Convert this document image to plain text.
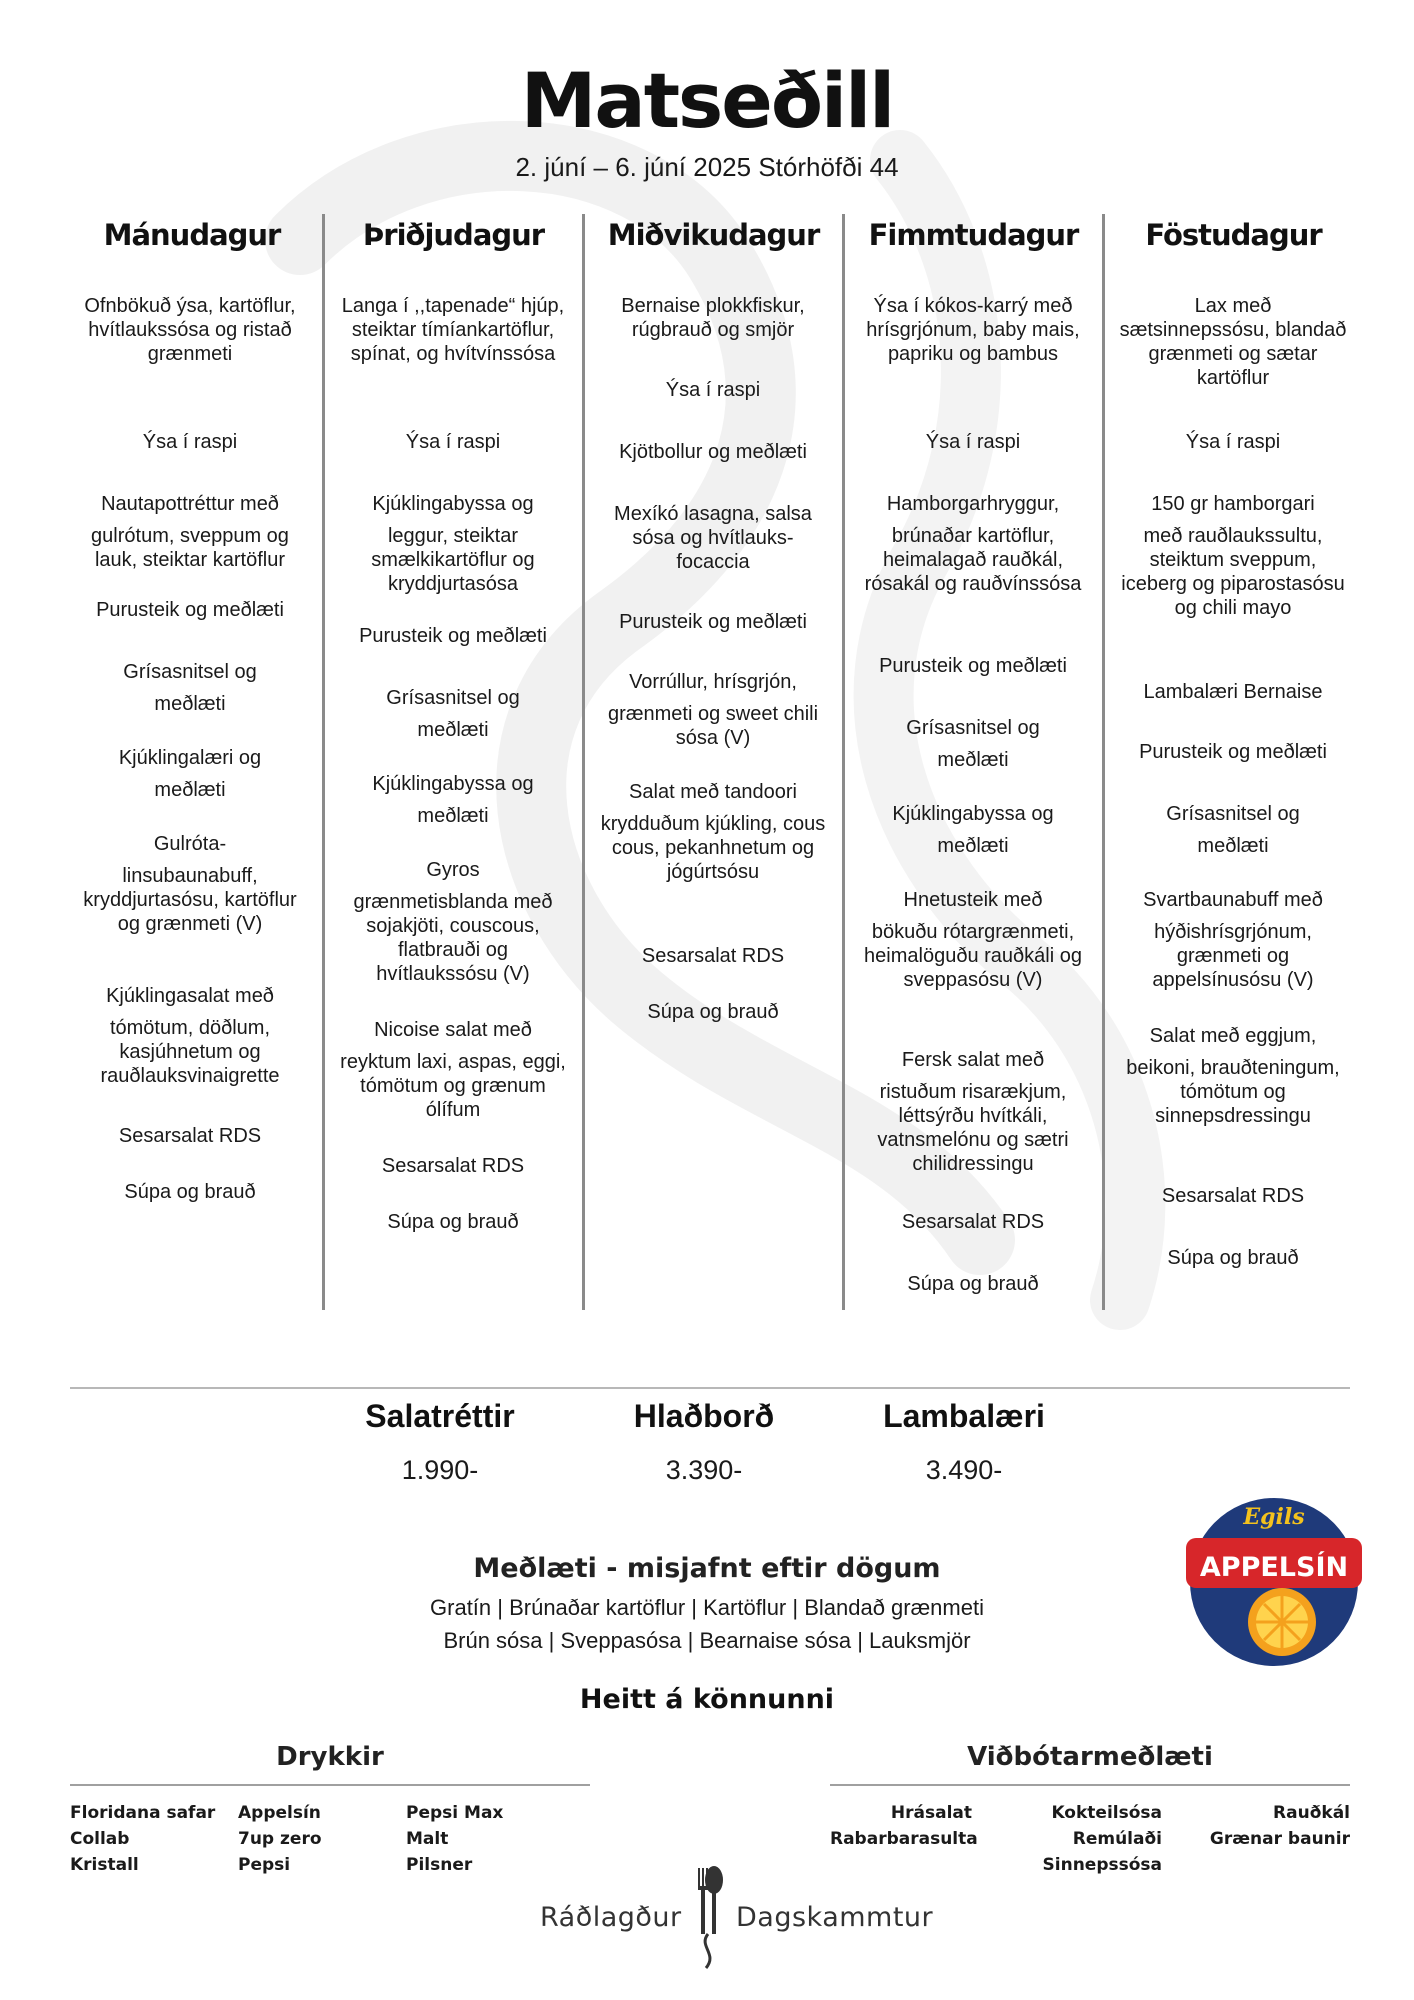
Matseðill
2. júní – 6. júní 2025 Stórhöfði 44
Mánudagur
Ofnbökuð ýsa, kartöflur, hvítlaukssósa og ristað grænmeti
Ýsa í raspi
Nautapottréttur með
gulrótum, sveppum og lauk, steiktar kartöflur
Purusteik og meðlæti
Grísasnitsel og
meðlæti
Kjúklingalæri og
meðlæti
Gulróta-
linsubaunabuff, kryddjurtasósu, kartöflur og grænmeti (V)
Kjúklingasalat með
tómötum, döðlum, kasjúhnetum og rauðlauksvinaigrette
Sesarsalat RDS
Súpa og brauð
Þriðjudagur
Langa í ,,tapenade“ hjúp, steiktar tímíankartöflur, spínat, og hvítvínssósa
Ýsa í raspi
Kjúklingabyssa og
leggur, steiktar smælkikartöflur og kryddjurtasósa
Purusteik og meðlæti
Grísasnitsel og
meðlæti
Kjúklingabyssa og
meðlæti
Gyros
grænmetisblanda með sojakjöti, couscous, flatbrauði og hvítlaukssósu (V)
Nicoise salat með
reyktum laxi, aspas, eggi, tómötum og grænum ólífum
Sesarsalat RDS
Súpa og brauð
Miðvikudagur
Bernaise plokkfiskur, rúgbrauð og smjör
Ýsa í raspi
Kjötbollur og meðlæti
Mexíkó lasagna, salsa sósa og hvítlauks-focaccia
Purusteik og meðlæti
Vorrúllur, hrísgrjón,
grænmeti og sweet chili sósa (V)
Salat með tandoori
krydduðum kjúkling, cous cous, pekanhnetum og jógúrtsósu
Sesarsalat RDS
Súpa og brauð
Fimmtudagur
Ýsa í kókos-karrý með hrísgrjónum, baby mais, papriku og bambus
Ýsa í raspi
Hamborgarhryggur,
brúnaðar kartöflur, heimalagað rauðkál, rósakál og rauðvínssósa
Purusteik og meðlæti
Grísasnitsel og
meðlæti
Kjúklingabyssa og
meðlæti
Hnetusteik með
bökuðu rótargrænmeti, heimalöguðu rauðkáli og sveppasósu (V)
Fersk salat með
ristuðum risarækjum, léttsýrðu hvítkáli, vatnsmelónu og sætri chilidressingu
Sesarsalat RDS
Súpa og brauð
Föstudagur
Lax með sætsinnepssósu, blandað grænmeti og sætar kartöflur
Ýsa í raspi
150 gr hamborgari
með rauðlaukssultu, steiktum sveppum, iceberg og piparostasósu og chili mayo
Lambalæri Bernaise
Purusteik og meðlæti
Grísasnitsel og
meðlæti
Svartbaunabuff með
hýðishrísgrjónum, grænmeti og appelsínusósu (V)
Salat með eggjum,
beikoni, brauðteningum, tómötum og sinnepsdressingu
Sesarsalat RDS
Súpa og brauð
Salatréttir
1.990-
Hlaðborð
3.390-
Lambalæri
3.490-
Egils
APPELSÍN
Meðlæti - misjafnt eftir dögum
Gratín | Brúnaðar kartöflur | Kartöflur | Blandað grænmeti
Brún sósa | Sveppasósa | Bearnaise sósa | Lauksmjör
Heitt á könnunni
Drykkir	Viðbótarmeðlæti
Floridana safar
Collab
Kristall
Appelsín
7up zero
Pepsi
Pepsi Max
Malt
Pilsner
Hrásalat
Rabarbarasulta
Kokteilsósa
Remúlaði
Sinnepssósa
Rauðkál
Grænar baunir
Ráðlagður Dagskammtur
